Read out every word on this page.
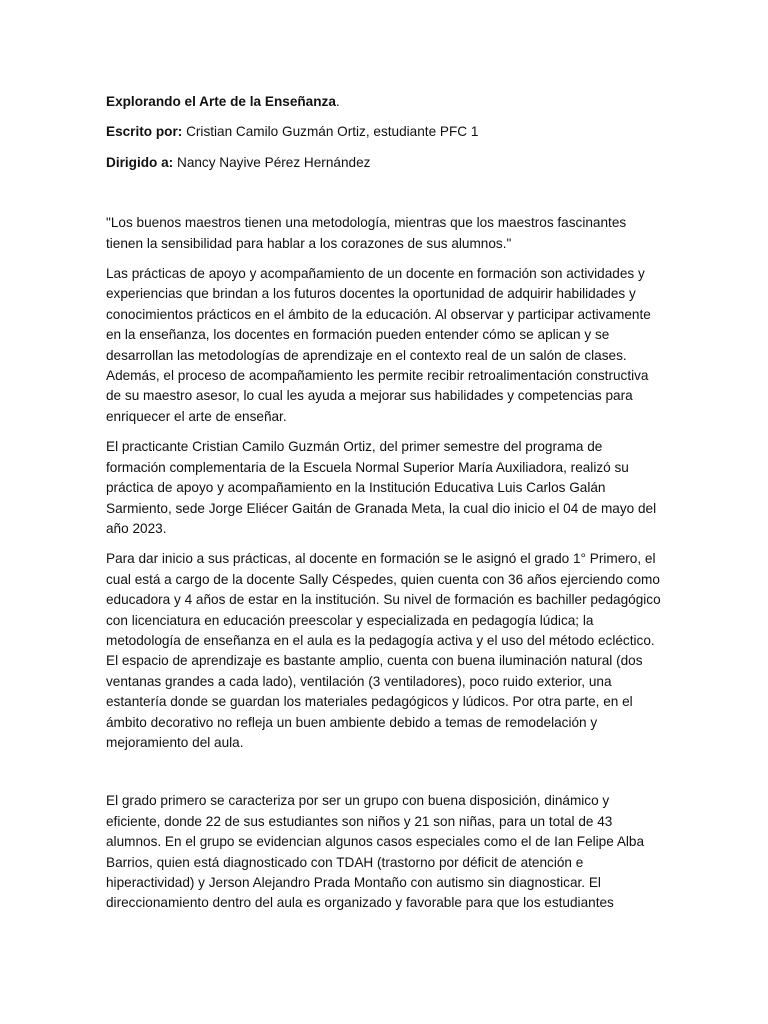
Explorando el Arte de la Enseñanza.
Escrito por: Cristian Camilo Guzmán Ortiz, estudiante PFC 1
Dirigido a: Nancy Nayive Pérez Hernández

"Los buenos maestros tienen una metodología, mientras que los maestros fascinantes tienen la sensibilidad para hablar a los corazones de sus alumnos."

Las prácticas de apoyo y acompañamiento de un docente en formación son actividades y experiencias que brindan a los futuros docentes la oportunidad de adquirir habilidades y conocimientos prácticos en el ámbito de la educación. Al observar y participar activamente en la enseñanza, los docentes en formación pueden entender cómo se aplican y se desarrollan las metodologías de aprendizaje en el contexto real de un salón de clases. Además, el proceso de acompañamiento les permite recibir retroalimentación constructiva de su maestro asesor, lo cual les ayuda a mejorar sus habilidades y competencias para enriquecer el arte de enseñar.

El practicante Cristian Camilo Guzmán Ortiz, del primer semestre del programa de formación complementaria de la Escuela Normal Superior María Auxiliadora, realizó su práctica de apoyo y acompañamiento en la Institución Educativa Luis Carlos Galán Sarmiento, sede Jorge Eliécer Gaitán de Granada Meta, la cual dio inicio el 04 de mayo del año 2023.

Para dar inicio a sus prácticas, al docente en formación se le asignó el grado 1° Primero, el cual está a cargo de la docente Sally Céspedes, quien cuenta con 36 años ejerciendo como educadora y 4 años de estar en la institución. Su nivel de formación es bachiller pedagógico con licenciatura en educación preescolar y especializada en pedagogía lúdica; la metodología de enseñanza en el aula es la pedagogía activa y el uso del método ecléctico. El espacio de aprendizaje es bastante amplio, cuenta con buena iluminación natural (dos ventanas grandes a cada lado), ventilación (3 ventiladores), poco ruido exterior, una estantería donde se guardan los materiales pedagógicos y lúdicos. Por otra parte, en el ámbito decorativo no refleja un buen ambiente debido a temas de remodelación y mejoramiento del aula.

El grado primero se caracteriza por ser un grupo con buena disposición, dinámico y eficiente, donde 22 de sus estudiantes son niños y 21 son niñas, para un total de 43 alumnos. En el grupo se evidencian algunos casos especiales como el de Ian Felipe Alba Barrios, quien está diagnosticado con TDAH (trastorno por déficit de atención e hiperactividad) y Jerson Alejandro Prada Montaño con autismo sin diagnosticar. El direccionamiento dentro del aula es organizado y favorable para que los estudiantes
